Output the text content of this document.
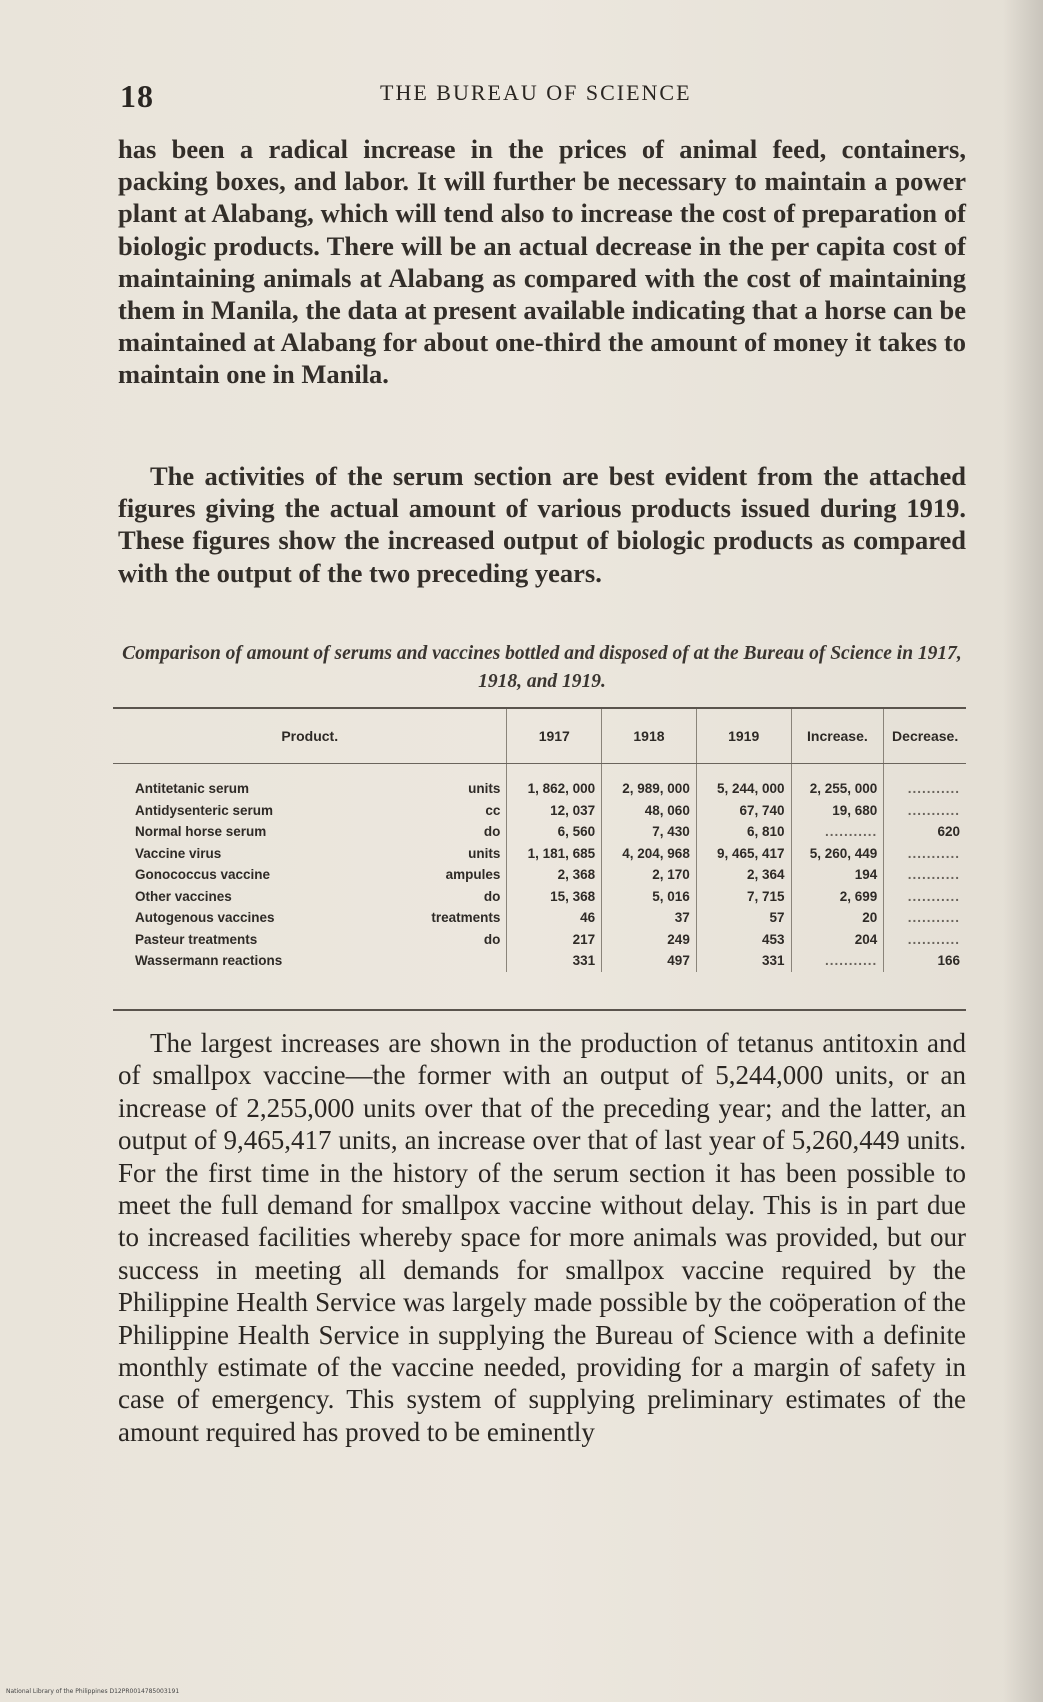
18	THE BUREAU OF SCIENCE

has been a radical increase in the prices of animal feed, containers, packing boxes, and labor. It will further be necessary to maintain a power plant at Alabang, which will tend also to increase the cost of preparation of biologic products. There will be an actual decrease in the per capita cost of maintaining animals at Alabang as compared with the cost of maintaining them in Manila, the data at present available indicating that a horse can be maintained at Alabang for about one-third the amount of money it takes to maintain one in Manila.

The activities of the serum section are best evident from the attached figures giving the actual amount of various products issued during 1919. These figures show the increased output of biologic products as compared with the output of the two preceding years.

Comparison of amount of serums and vaccines bottled and disposed of at the Bureau of Science in 1917, 1918, and 1919.
Product.	1917	1918	1919	Increase.	Decrease.

Antitetanic serum units	1, 862, 000	2, 989, 000	5, 244, 000	2, 255, 000	...........

Antidysenteric serum cc	12, 037	48, 060	67, 740	19, 680	...........

Normal horse serum do	6, 560	7, 430	6, 810	...........	620

Vaccine virus units	1, 181, 685	4, 204, 968	9, 465, 417	5, 260, 449	...........

Gonococcus vaccine ampules	2, 368	2, 170	2, 364	194	...........

Other vaccines do	15, 368	5, 016	7, 715	2, 699	...........

Autogenous vaccines treatments	46	37	57	20	...........

Pasteur treatments do	217	249	453	204	...........

Wassermann reactions	331	497	331	...........	166

The largest increases are shown in the production of tetanus antitoxin and of smallpox vaccine—the former with an output of 5,244,000 units, or an increase of 2,255,000 units over that of the preceding year; and the latter, an output of 9,465,417 units, an increase over that of last year of 5,260,449 units. For the first time in the history of the serum section it has been possible to meet the full demand for smallpox vaccine without delay. This is in part due to increased facilities whereby space for more animals was provided, but our success in meeting all demands for smallpox vaccine required by the Philippine Health Service was largely made possible by the coöperation of the Philippine Health Service in supplying the Bureau of Science with a definite monthly estimate of the vaccine needed, providing for a margin of safety in case of emergency. This system of supplying preliminary estimates of the amount required has proved to be eminently

National Library of the Philippines D12PR0014785003191
